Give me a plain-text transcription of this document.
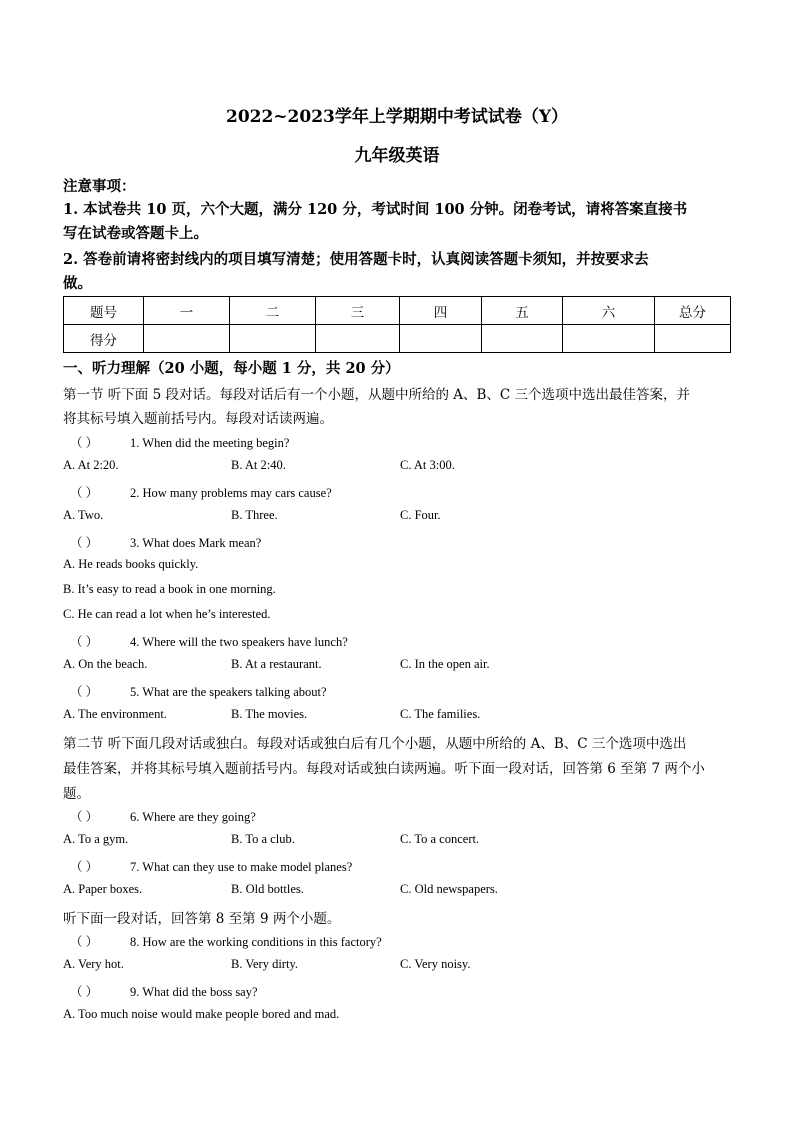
2022~2023学年上学期期中考试试卷（Y）
九年级英语
注意事项：
1. 本试卷共 10 页，六个大题，满分 120 分，考试时间 100 分钟。闭卷考试，请将答案直接书
写在试卷或答题卡上。
2. 答卷前请将密封线内的项目填写清楚；使用答题卡时，认真阅读答题卡须知，并按要求去
做。
题号	一	二	三	四	五	六	总分
得分							
一、听力理解（20 小题，每小题 1 分，共 20 分）
第一节 听下面 5 段对话。每段对话后有一个小题，从题中所给的 A、B、C 三个选项中选出最佳答案，并
将其标号填入题前括号内。每段对话读两遍。
（ ）	1. When did the meeting begin?
A. At 2:20.	B. At 2:40.	C. At 3:00.
（ ）	2. How many problems may cars cause?
A. Two.	B. Three.	C. Four.
（ ）	3. What does Mark mean?
A. He reads books quickly.
B. It’s easy to read a book in one morning.
C. He can read a lot when he’s interested.
（ ）	4. Where will the two speakers have lunch?
A. On the beach.	B. At a restaurant.	C. In the open air.
（ ）	5. What are the speakers talking about?
A. The environment.	B. The movies.	C. The families.
第二节 听下面几段对话或独白。每段对话或独白后有几个小题，从题中所给的 A、B、C 三个选项中选出
最佳答案，并将其标号填入题前括号内。每段对话或独白读两遍。听下面一段对话，回答第 6 至第 7 两个小
题。
（ ）	6. Where are they going?
A. To a gym.	B. To a club.	C. To a concert.
（ ）	7. What can they use to make model planes?
A. Paper boxes.	B. Old bottles.	C. Old newspapers.
听下面一段对话，回答第 8 至第 9 两个小题。
（ ）	8. How are the working conditions in this factory?
A. Very hot.	B. Very dirty.	C. Very noisy.
（ ）	9. What did the boss say?
A. Too much noise would make people bored and mad.
